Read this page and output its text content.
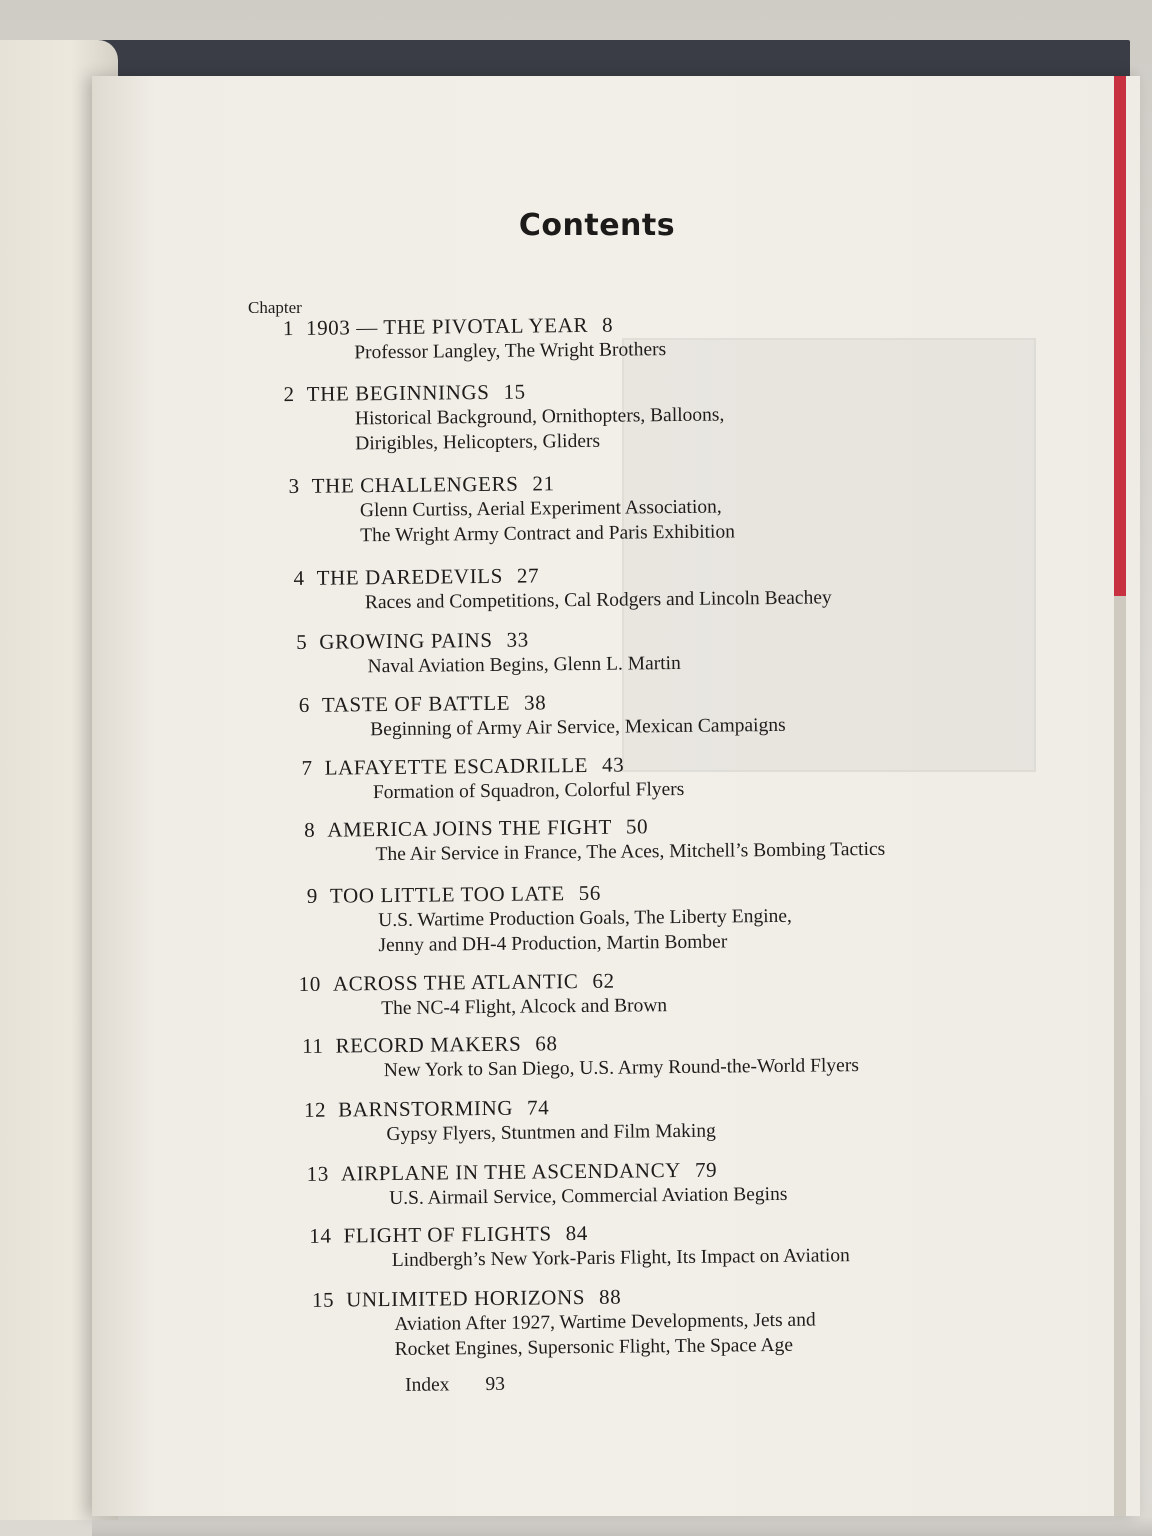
Contents
Chapter
1 1903 — THE PIVOTAL YEAR 8
Professor Langley, The Wright Brothers
2 THE BEGINNINGS 15
Historical Background, Ornithopters, Balloons,
Dirigibles, Helicopters, Gliders
3 THE CHALLENGERS 21
Glenn Curtiss, Aerial Experiment Association,
The Wright Army Contract and Paris Exhibition
4 THE DAREDEVILS 27
Races and Competitions, Cal Rodgers and Lincoln Beachey
5 GROWING PAINS 33
Naval Aviation Begins, Glenn L. Martin
6 TASTE OF BATTLE 38
Beginning of Army Air Service, Mexican Campaigns
7 LAFAYETTE ESCADRILLE 43
Formation of Squadron, Colorful Flyers
8 AMERICA JOINS THE FIGHT 50
The Air Service in France, The Aces, Mitchell’s Bombing Tactics
9 TOO LITTLE TOO LATE 56
U.S. Wartime Production Goals, The Liberty Engine,
Jenny and DH-4 Production, Martin Bomber
10 ACROSS THE ATLANTIC 62
The NC-4 Flight, Alcock and Brown
11 RECORD MAKERS 68
New York to San Diego, U.S. Army Round-the-World Flyers
12 BARNSTORMING 74
Gypsy Flyers, Stuntmen and Film Making
13 AIRPLANE IN THE ASCENDANCY 79
U.S. Airmail Service, Commercial Aviation Begins
14 FLIGHT OF FLIGHTS 84
Lindbergh’s New York-Paris Flight, Its Impact on Aviation
15 UNLIMITED HORIZONS 88
Aviation After 1927, Wartime Developments, Jets and
Rocket Engines, Supersonic Flight, The Space Age
Index 93
